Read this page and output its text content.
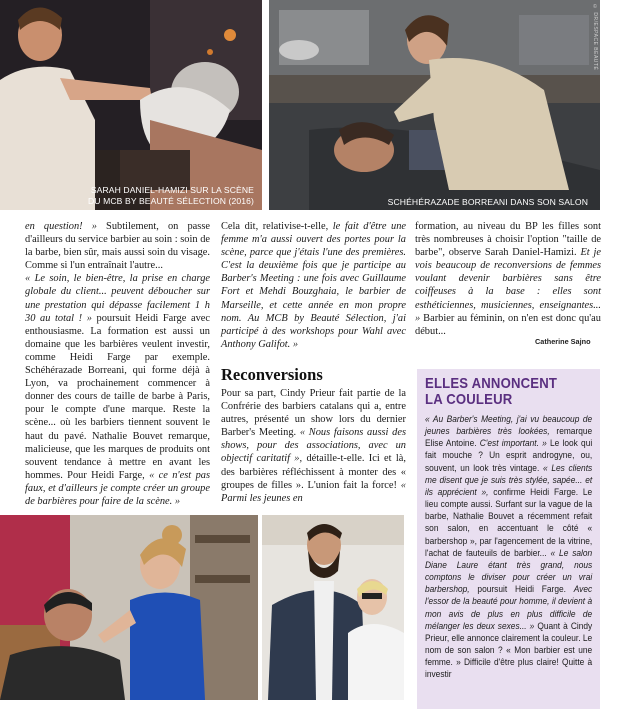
SARAH DANIEL-HAMIZI SUR LA SCÈNE
DU MCB BY BEAUTÉ SÉLECTION (2016)
© DR/ESPACE BEAUTÉ
SCHÉHÉRAZADE BORREANI DANS SON SALON

en question! » Subtilement, on passe d'ailleurs du service barbier au soin : soin de la barbe, bien sûr, mais aussi soin du visage. Comme si l'un entraînait l'autre...

« Le soin, le bien-être, la prise en charge globale du client... peuvent déboucher sur une prestation qui dépasse facilement 1 h 30 au total ! » poursuit Heidi Farge avec enthousiasme. La formation est aussi un domaine que les barbières veulent investir, comme Heidi Farge par exemple. Schéhérazade Borreani, qui forme déjà à Lyon, va prochainement commencer à donner des cours de taille de barbe à Paris, pour le compte d'une marque. Reste la scène... où les barbiers tiennent souvent le haut du pavé. Nathalie Bouvet remarque, malicieuse, que les marques de produits ont souvent tendance à mettre en avant les hommes. Pour Heidi Farge, « ce n'est pas faux, et d'ailleurs je compte créer un groupe de barbières pour faire de la scène. »

Cela dit, relativise-t-elle, le fait d'être une femme m'a aussi ouvert des portes pour la scène, parce que j'étais l'une des premières. C'est la deuxième fois que je participe au Barber's Meeting : une fois avec Guillaume Fort et Mehdi Bouzghaia, le barbier de Marseille, et cette année en mon propre nom. Au MCB by Beauté Sélection, j'ai participé à des workshops pour Wahl avec Anthony Galifot. »

Reconversions

Pour sa part, Cindy Prieur fait partie de la Confrérie des barbiers catalans qui a, entre autres, présenté un show lors du dernier Barber's Meeting. « Nous faisons aussi des shows, pour des associations, avec un objectif caritatif », détaille-t-elle. Ici et là, des barbières réfléchissent à monter des « groupes de filles ». L'union fait la force! « Parmi les jeunes en

formation, au niveau du BP les filles sont très nombreuses à choisir l'option "taille de barbe", observe Sarah Daniel-Hamizi. Et je vois beaucoup de reconversions de femmes voulant devenir barbières sans être coiffeuses à la base : elles sont esthéticiennes, musiciennes, enseignantes... » Barbier au féminin, on n'en est donc qu'au début...

Catherine Sajno
ELLES ANNONCENT
LA COULEUR
« Au Barber's Meeting, j'ai vu beaucoup de jeunes barbières très lookées, remarque Elise Antoine. C'est important. » Le look qui fait mouche ? Un esprit androgyne, ou, souvent, un look très vintage. « Les clients me disent que je suis très stylée, sapée... et ils apprécient », confirme Heidi Farge. Le lieu compte aussi. Surfant sur la vague de la barbe, Nathalie Bouvet a récemment refait son salon, en accentuant le côté « barbershop », par l'agencement de la vitrine, l'achat de fauteuils de barbier... « Le salon Diane Laure étant très grand, nous comptons le diviser pour créer un vrai barbershop, poursuit Heidi Farge. Avec l'essor de la beauté pour homme, il devient à mon avis de plus en plus difficile de mélanger les deux sexes... » Quant à Cindy Prieur, elle annonce clairement la couleur. Le nom de son salon ? « Mon barbier est une femme. » Difficile d'être plus claire! Quitte à investir
